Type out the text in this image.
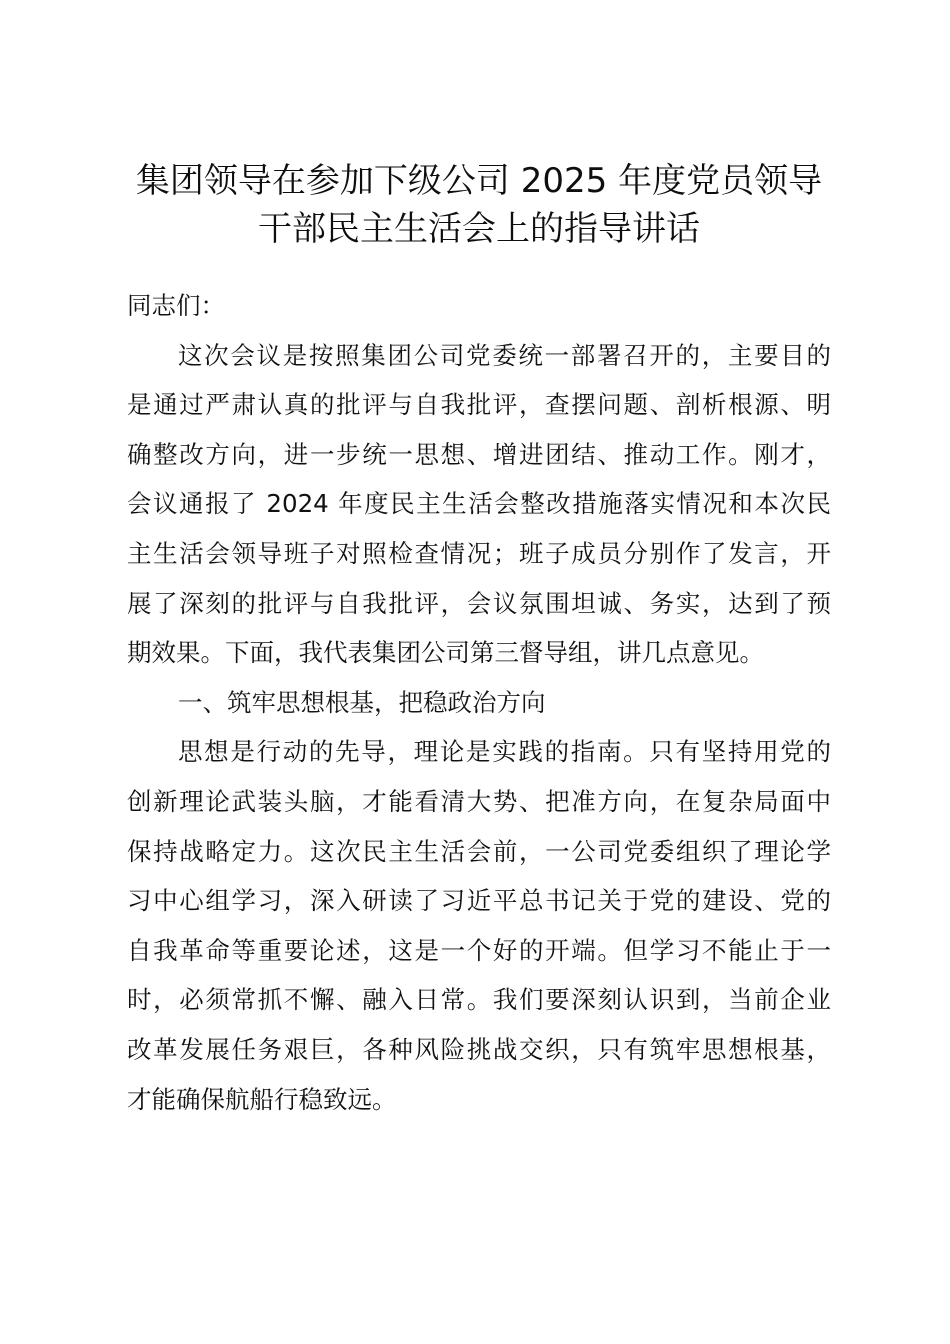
集团领导在参加下级公司 2025 年度党员领导
干部民主生活会上的指导讲话

同志们：

这次会议是按照集团公司党委统一部署召开的，主要目的
是通过严肃认真的批评与自我批评，查摆问题、剖析根源、明
确整改方向，进一步统一思想、增进团结、推动工作。刚才，
会议通报了 2024 年度民主生活会整改措施落实情况和本次民
主生活会领导班子对照检查情况；班子成员分别作了发言，开
展了深刻的批评与自我批评，会议氛围坦诚、务实，达到了预
期效果。下面，我代表集团公司第三督导组，讲几点意见。
一、筑牢思想根基，把稳政治方向
思想是行动的先导，理论是实践的指南。只有坚持用党的
创新理论武装头脑，才能看清大势、把准方向，在复杂局面中
保持战略定力。这次民主生活会前，一公司党委组织了理论学
习中心组学习，深入研读了习近平总书记关于党的建设、党的
自我革命等重要论述，这是一个好的开端。但学习不能止于一
时，必须常抓不懈、融入日常。我们要深刻认识到，当前企业
改革发展任务艰巨，各种风险挑战交织，只有筑牢思想根基，
才能确保航船行稳致远。
